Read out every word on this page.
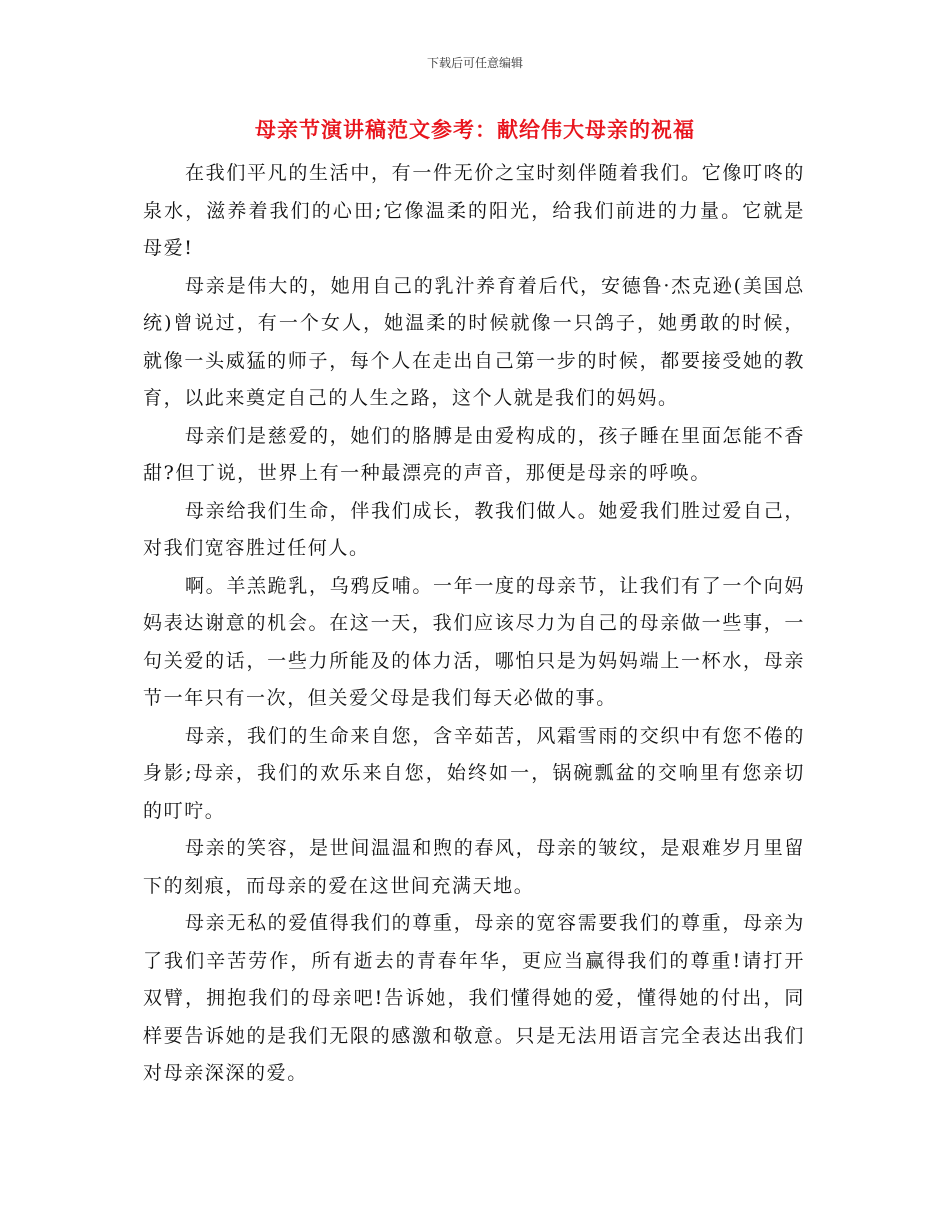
下载后可任意编辑
母亲节演讲稿范文参考：献给伟大母亲的祝福

在我们平凡的生活中，有一件无价之宝时刻伴随着我们。它像叮咚的泉水，滋养着我们的心田;它像温柔的阳光，给我们前进的力量。它就是母爱!

母亲是伟大的，她用自己的乳汁养育着后代，安德鲁·杰克逊(美国总统)曾说过，有一个女人，她温柔的时候就像一只鸽子，她勇敢的时候，就像一头威猛的师子，每个人在走出自己第一步的时候，都要接受她的教育，以此来奠定自己的人生之路，这个人就是我们的妈妈。

母亲们是慈爱的，她们的胳膊是由爱构成的，孩子睡在里面怎能不香甜?但丁说，世界上有一种最漂亮的声音，那便是母亲的呼唤。

母亲给我们生命，伴我们成长，教我们做人。她爱我们胜过爱自己，对我们宽容胜过任何人。

啊。羊羔跪乳，乌鸦反哺。一年一度的母亲节，让我们有了一个向妈妈表达谢意的机会。在这一天，我们应该尽力为自己的母亲做一些事，一句关爱的话，一些力所能及的体力活，哪怕只是为妈妈端上一杯水，母亲节一年只有一次，但关爱父母是我们每天必做的事。

母亲，我们的生命来自您，含辛茹苦，风霜雪雨的交织中有您不倦的身影;母亲，我们的欢乐来自您，始终如一，锅碗瓢盆的交响里有您亲切的叮咛。

母亲的笑容，是世间温温和煦的春风，母亲的皱纹，是艰难岁月里留下的刻痕，而母亲的爱在这世间充满天地。

母亲无私的爱值得我们的尊重，母亲的宽容需要我们的尊重，母亲为了我们辛苦劳作，所有逝去的青春年华，更应当赢得我们的尊重!请打开双臂，拥抱我们的母亲吧!告诉她，我们懂得她的爱，懂得她的付出，同样要告诉她的是我们无限的感激和敬意。只是无法用语言完全表达出我们对母亲深深的爱。
